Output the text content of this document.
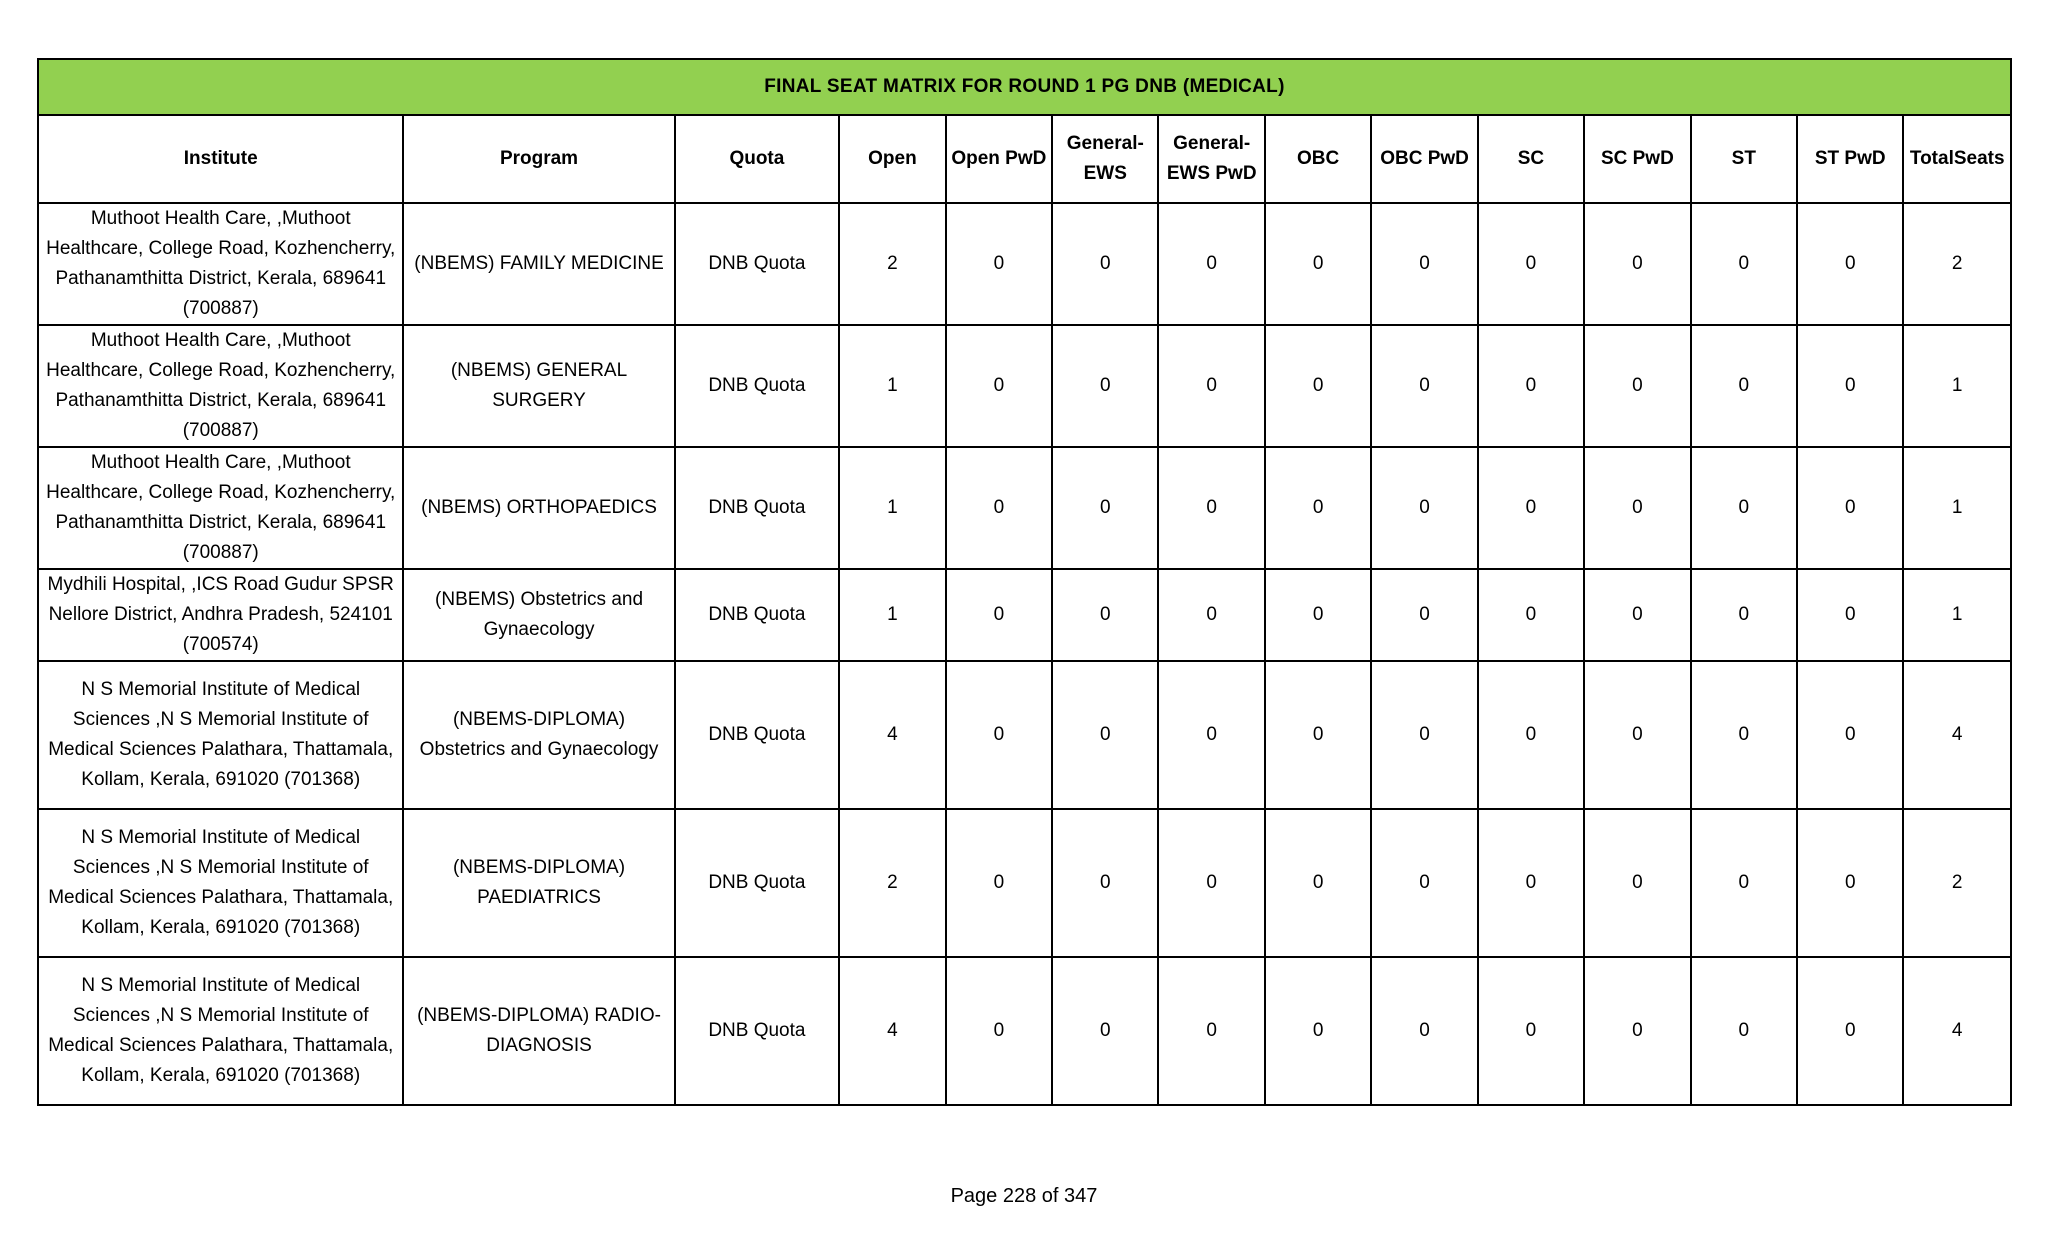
FINAL SEAT MATRIX FOR ROUND 1 PG DNB (MEDICAL)													
Institute	Program	Quota	Open	Open PwD	General-EWS	General-EWS PwD	OBC	OBC PwD	SC	SC PwD	ST	ST PwD	TotalSeats
Muthoot Health Care, ,Muthoot Healthcare, College Road, Kozhencherry, Pathanamthitta District, Kerala, 689641 (700887)	(NBEMS) FAMILY MEDICINE	DNB Quota	2	0	0	0	0	0	0	0	0	0	2
Muthoot Health Care, ,Muthoot Healthcare, College Road, Kozhencherry, Pathanamthitta District, Kerala, 689641 (700887)	(NBEMS) GENERAL SURGERY	DNB Quota	1	0	0	0	0	0	0	0	0	0	1
Muthoot Health Care, ,Muthoot Healthcare, College Road, Kozhencherry, Pathanamthitta District, Kerala, 689641 (700887)	(NBEMS) ORTHOPAEDICS	DNB Quota	1	0	0	0	0	0	0	0	0	0	1
Mydhili Hospital, ,ICS Road Gudur SPSR Nellore District, Andhra Pradesh, 524101 (700574)	(NBEMS) Obstetrics and Gynaecology	DNB Quota	1	0	0	0	0	0	0	0	0	0	1
N S Memorial Institute of Medical Sciences ,N S Memorial Institute of Medical Sciences Palathara, Thattamala, Kollam, Kerala, 691020 (701368)	(NBEMS-DIPLOMA) Obstetrics and Gynaecology	DNB Quota	4	0	0	0	0	0	0	0	0	0	4
N S Memorial Institute of Medical Sciences ,N S Memorial Institute of Medical Sciences Palathara, Thattamala, Kollam, Kerala, 691020 (701368)	(NBEMS-DIPLOMA) PAEDIATRICS	DNB Quota	2	0	0	0	0	0	0	0	0	0	2
N S Memorial Institute of Medical Sciences ,N S Memorial Institute of Medical Sciences Palathara, Thattamala, Kollam, Kerala, 691020 (701368)	(NBEMS-DIPLOMA) RADIO-DIAGNOSIS	DNB Quota	4	0	0	0	0	0	0	0	0	0	4
Page 228 of 347
